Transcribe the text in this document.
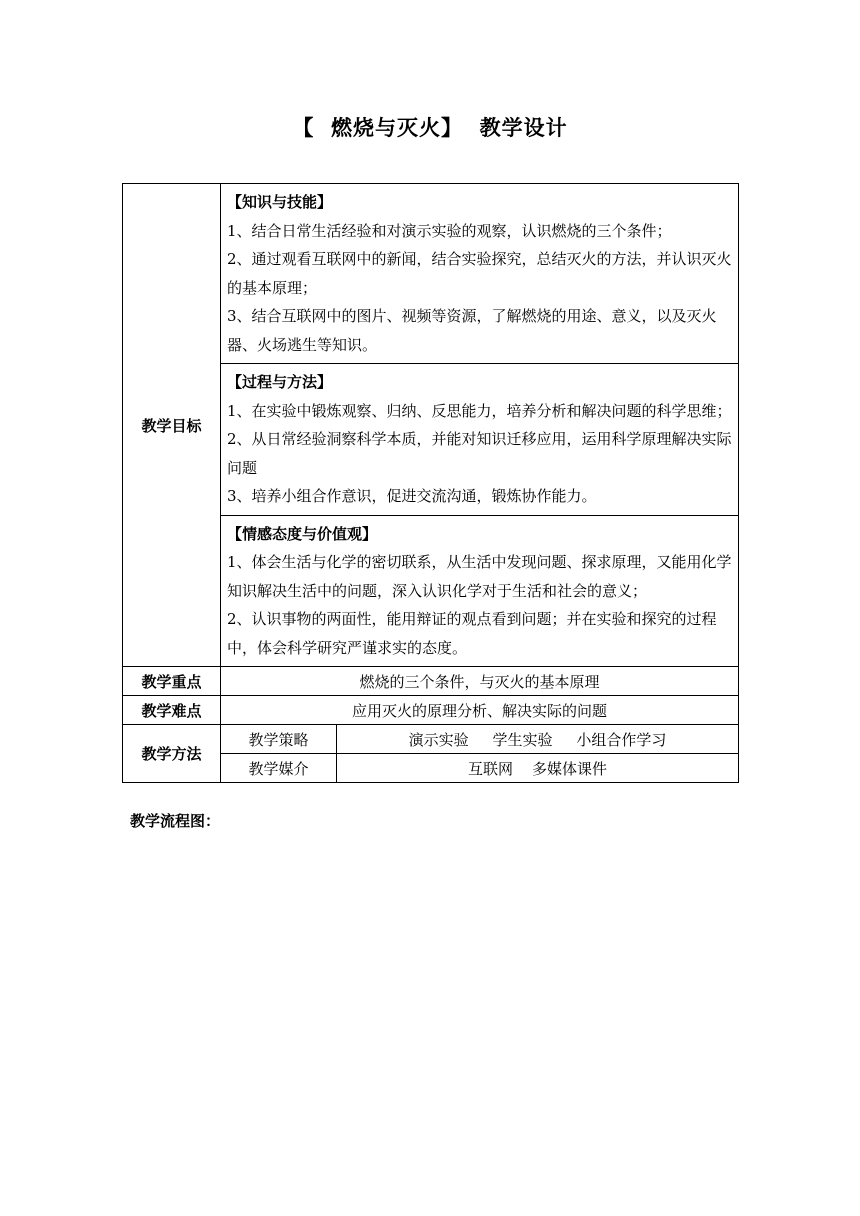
【  燃烧与灭火】  教学设计
教学目标	【知识与技能】
1、结合日常生活经验和对演示实验的观察，认识燃烧的三个条件；
2、通过观看互联网中的新闻，结合实验探究，总结灭火的方法，并认识灭火的基本原理；
3、结合互联网中的图片、视频等资源，了解燃烧的用途、意义，以及灭火器、火场逃生等知识。	

	【过程与方法】
1、在实验中锻炼观察、归纳、反思能力，培养分析和解决问题的科学思维；
2、从日常经验洞察科学本质，并能对知识迁移应用，运用科学原理解决实际问题
3、培养小组合作意识，促进交流沟通，锻炼协作能力。	

	【情感态度与价值观】
1、体会生活与化学的密切联系，从生活中发现问题、探求原理，又能用化学知识解决生活中的问题，深入认识化学对于生活和社会的意义；
2、认识事物的两面性，能用辩证的观点看到问题；并在实验和探究的过程中，体会科学研究严谨求实的态度。	

教学重点	燃烧的三个条件，与灭火的基本原理	
教学难点	应用灭火的原理分析、解决实际的问题	
教学方法	教学策略	演示实验     学生实验     小组合作学习
	教学媒介	互联网    多媒体课件
教学流程图：
